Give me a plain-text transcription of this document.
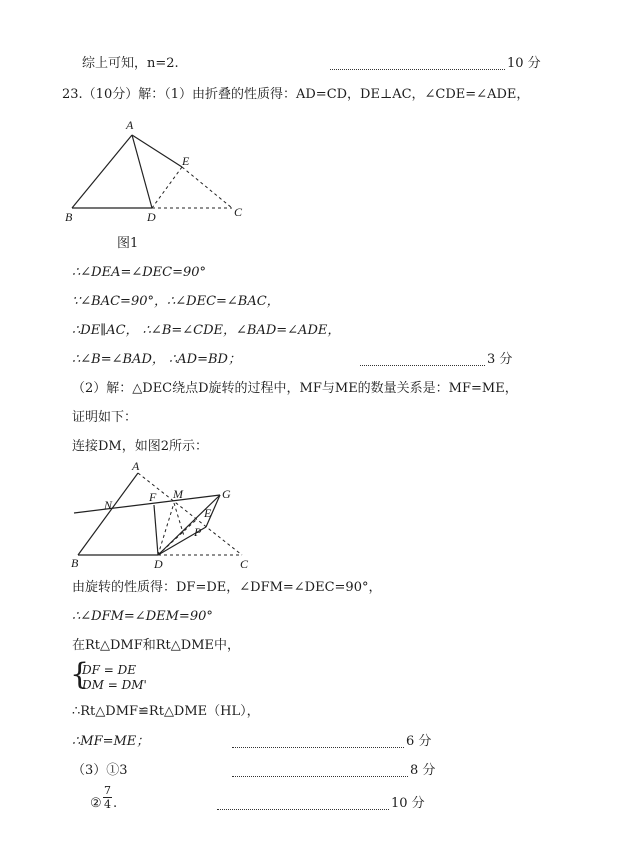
综上可知，n=2.	10 分
23.（10分）解：（1）由折叠的性质得：AD=CD，DE⊥AC，∠CDE=∠ADE，
A
B	D	C
E
图1
∴∠DEA=∠DEC=90°
∵∠BAC=90°，∴∠DEC=∠BAC，
∴DE∥AC， ∴∠B=∠CDE，∠BAD=∠ADE，
∴∠B=∠BAD， ∴AD=BD；	3 分
（2）解：△DEC绕点D旋转的过程中，MF与ME的数量关系是：MF=ME，
证明如下：
连接DM，如图2所示：
A
B	D	C
N
F M	G
E
P
由旋转的性质得：DF=DE，∠DFM=∠DEC=90°，
∴∠DFM=∠DEM=90°
在Rt△DMF和Rt△DME中，
{
DF = DE
DM = DM'
∴Rt△DMF≌Rt△DME（HL），
∴MF=ME；	6 分
（3）①3	8 分
②
7
4 .	10 分
